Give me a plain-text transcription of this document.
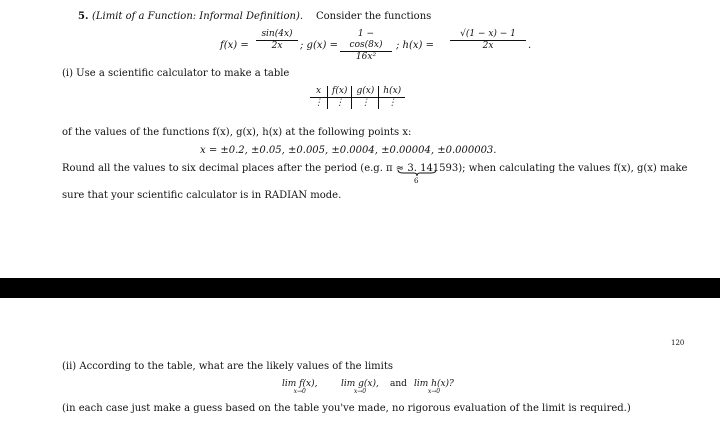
5. (Limit of a Function: Informal Definition). Consider the functions
$f(x) = \frac{\sin(4x)}{2x}$ ; $g(x) = \frac{1 - \cos(8x)}{\text{16x²}}$ ; $h(x) = \frac{√(1 - x) - 1}{2x}$ .
(i) Use a scientific calculator to make a table
x	f(x)	g(x)	h(x)
⋮	⋮	⋮	⋮
of the values of the functions f(x), g(x), h(x) at the following points x:
x = ±0.2, ±0.05, ±0.005, ±0.0004, ±0.00004, ±0.000003.
Round all the values to six decimal places after the period (e.g. π ≈ 3. 141593); when calculating the values f(x), g(x) make
6
sure that your scientific calculator is in RADIAN mode.
120
(ii) According to the table, what are the likely values of the limits
lim f(x),
x→0
lim g(x),
x→0
and lim h(x)?
x→0
(in each case just make a guess based on the table you've made, no rigorous evaluation of the limit is required.)
